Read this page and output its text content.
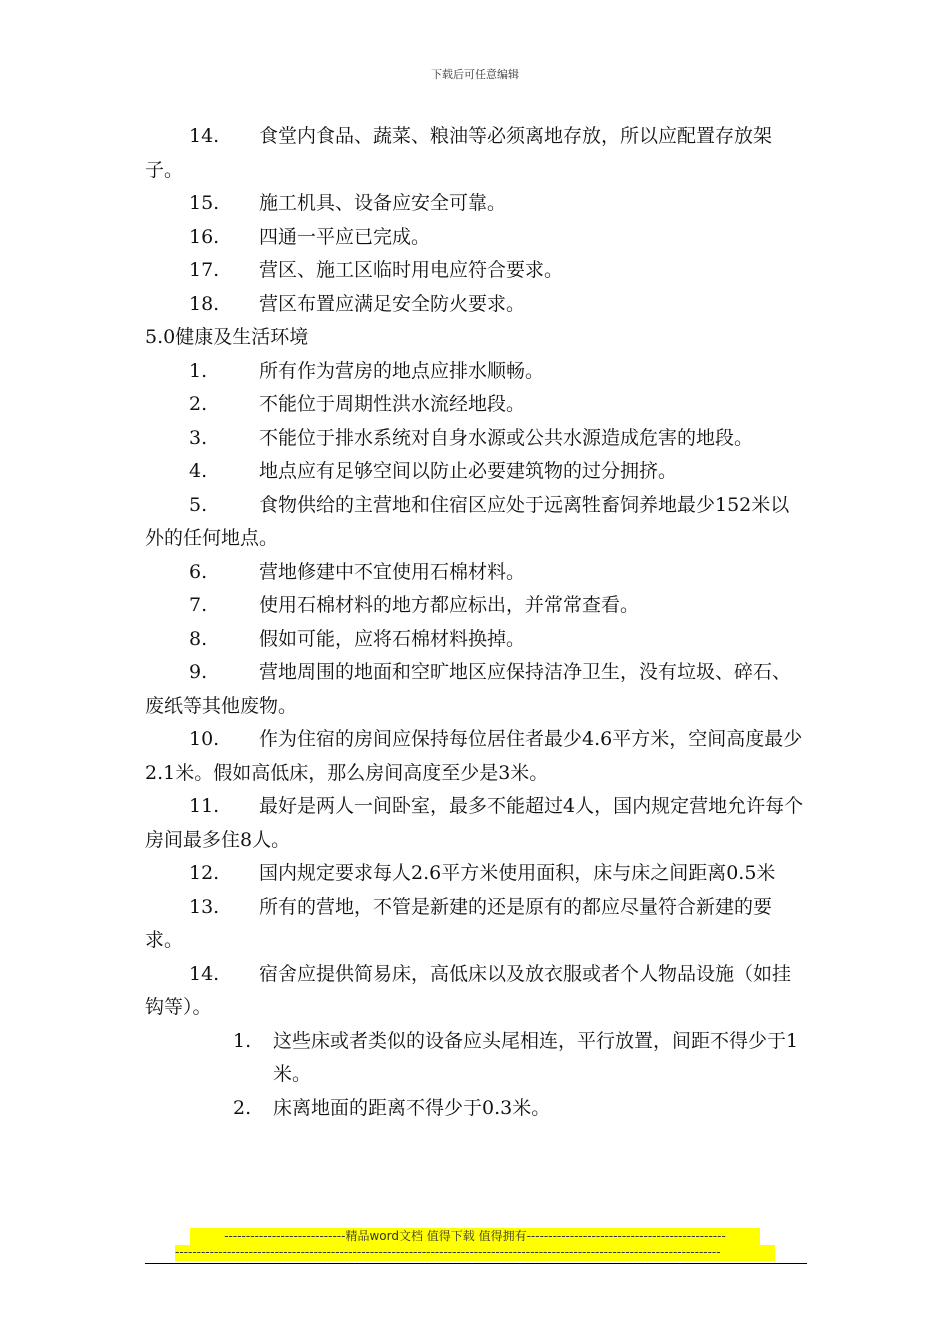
下载后可任意编辑
14. 食堂内食品、蔬菜、粮油等必须离地存放，所以应配置存放架子。
15. 施工机具、设备应安全可靠。
16. 四通一平应已完成。
17. 营区、施工区临时用电应符合要求。
18. 营区布置应满足安全防火要求。
5.0健康及生活环境
1.	所有作为营房的地点应排水顺畅。
2.	不能位于周期性洪水流经地段。
3.	不能位于排水系统对自身水源或公共水源造成危害的地段。
4.	地点应有足够空间以防止必要建筑物的过分拥挤。
5.	食物供给的主营地和住宿区应处于远离牲畜饲养地最少152米以外的任何地点。
6.	营地修建中不宜使用石棉材料。
7.	使用石棉材料的地方都应标出，并常常查看。
8.	假如可能，应将石棉材料换掉。
9.	营地周围的地面和空旷地区应保持洁净卫生，没有垃圾、碎石、废纸等其他废物。
10. 作为住宿的房间应保持每位居住者最少4.6平方米，空间高度最少2.1米。假如高低床，那么房间高度至少是3米。
11. 最好是两人一间卧室，最多不能超过4人，国内规定营地允许每个房间最多住8人。
12. 国内规定要求每人2.6平方米使用面积，床与床之间距离0.5米
13. 所有的营地，不管是新建的还是原有的都应尽量符合新建的要求。
14. 宿舍应提供简易床，高低床以及放衣服或者个人物品设施（如挂钩等）。
1.	这些床或者类似的设备应头尾相连，平行放置，间距不得少于1米。
2.	床离地面的距离不得少于0.3米。
----------------------------精品word文档 值得下载 值得拥有----------------------------------------------
------------------------------------------------------------------------------------------------------------------------------
